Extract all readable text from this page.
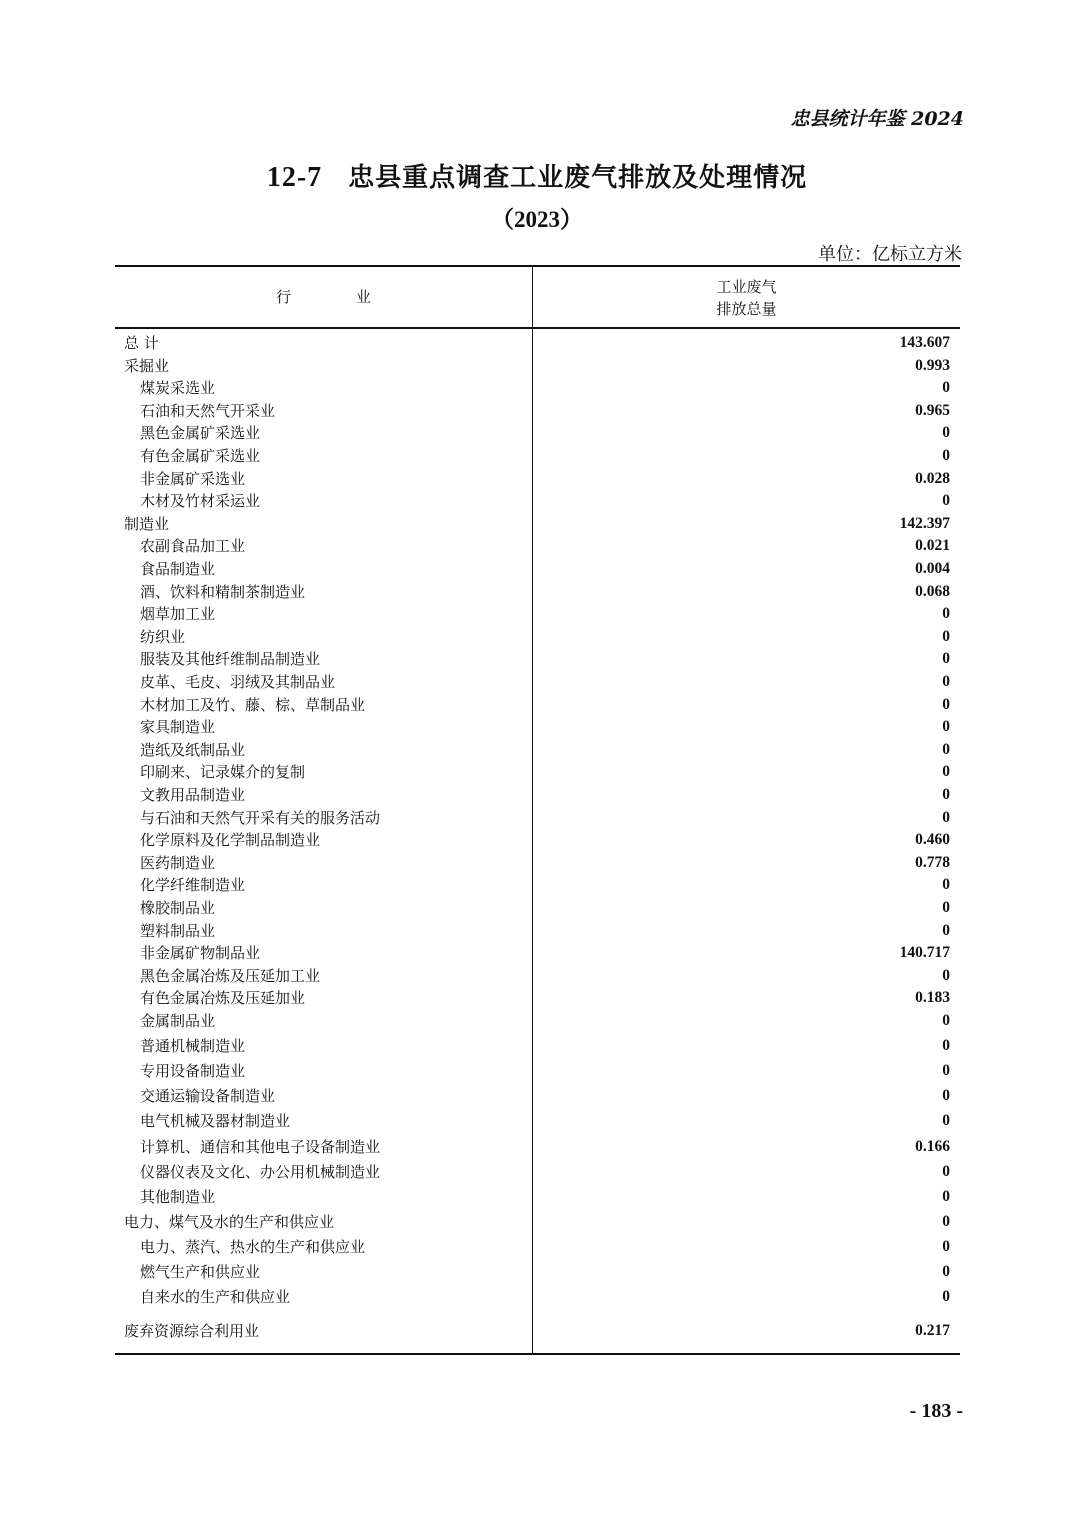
忠县统计年鉴 2024
12-7 忠县重点调查工业废气排放及处理情况
（2023）
单位：亿标立方米
行 业
工业废气
排放总量
总 计	143.607
采掘业	0.993
煤炭采选业	0
石油和天然气开采业	0.965
黑色金属矿采选业	0
有色金属矿采选业	0
非金属矿采选业	0.028
木材及竹材采运业	0
制造业	142.397
农副食品加工业	0.021
食品制造业	0.004
酒、饮料和精制茶制造业	0.068
烟草加工业	0
纺织业	0
服装及其他纤维制品制造业	0
皮革、毛皮、羽绒及其制品业	0
木材加工及竹、藤、棕、草制品业	0
家具制造业	0
造纸及纸制品业	0
印刷来、记录媒介的复制	0
文教用品制造业	0
与石油和天然气开采有关的服务活动	0
化学原料及化学制品制造业	0.460
医药制造业	0.778
化学纤维制造业	0
橡胶制品业	0
塑料制品业	0
非金属矿物制品业	140.717
黑色金属冶炼及压延加工业	0
有色金属冶炼及压延加业	0.183
金属制品业	0
普通机械制造业	0
专用设备制造业	0
交通运输设备制造业	0
电气机械及器材制造业	0
计算机、通信和其他电子设备制造业	0.166
仪器仪表及文化、办公用机械制造业	0
其他制造业	0
电力、煤气及水的生产和供应业	0
电力、蒸汽、热水的生产和供应业	0
燃气生产和供应业	0
自来水的生产和供应业	0
废弃资源综合利用业	0.217
- 183 -
